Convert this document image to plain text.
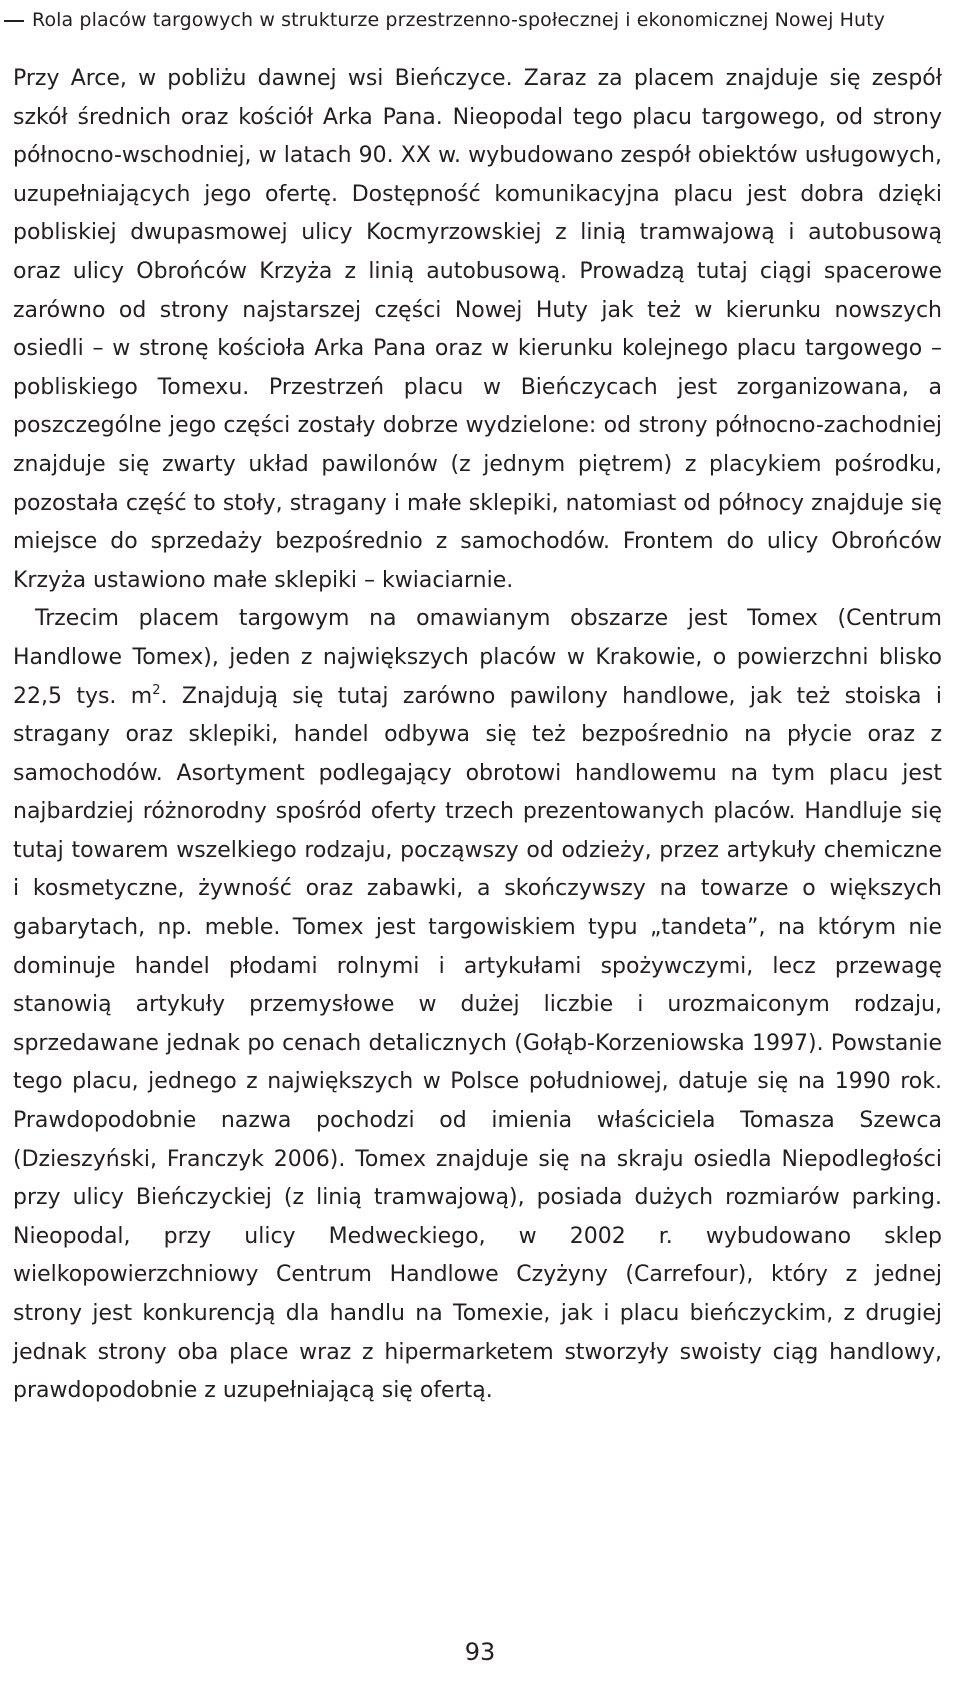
Rola placów targowych w strukturze przestrzenno-społecznej i ekonomicznej Nowej Huty

Przy Arce, w pobliżu dawnej wsi Bieńczyce. Zaraz za placem znajduje się zespół szkół średnich oraz kościół Arka Pana. Nieopodal tego placu targowego, od strony północno-wschodniej, w latach 90. XX w. wybudowano zespół obiektów usługowych, uzupełniających jego ofertę. Dostępność komunikacyjna placu jest dobra dzięki pobliskiej dwupasmowej ulicy Kocmyrzowskiej z linią tramwajową i autobusową oraz ulicy Obrońców Krzyża z linią autobusową. Prowadzą tutaj ciągi spacerowe zarówno od strony najstarszej części Nowej Huty jak też w kierunku nowszych osiedli – w stronę kościoła Arka Pana oraz w kierunku kolejnego placu targowego – pobliskiego Tomexu. Przestrzeń placu w Bieńczycach jest zorganizowana, a poszczególne jego części zostały dobrze wydzielone: od strony północno-zachodniej znajduje się zwarty układ pawilonów (z jednym piętrem) z placykiem pośrodku, pozostała część to stoły, stragany i małe sklepiki, natomiast od północy znajduje się miejsce do sprzedaży bezpośrednio z samochodów. Frontem do ulicy Obrońców Krzyża ustawiono małe sklepiki – kwiaciarnie.

Trzecim placem targowym na omawianym obszarze jest Tomex (Centrum Handlowe Tomex), jeden z największych placów w Krakowie, o powierzchni blisko 22,5 tys. $m^2$. Znajdują się tutaj zarówno pawilony handlowe, jak też stoiska i stragany oraz sklepiki, handel odbywa się też bezpośrednio na płycie oraz z samochodów. Asortyment podlegający obrotowi handlowemu na tym placu jest najbardziej różnorodny spośród oferty trzech prezentowanych placów. Handluje się tutaj towarem wszelkiego rodzaju, począwszy od odzieży, przez artykuły chemiczne i kosmetyczne, żywność oraz zabawki, a skończywszy na towarze o większych gabarytach, np. meble. Tomex jest targowiskiem typu „tandeta”, na którym nie dominuje handel płodami rolnymi i artykułami spożywczymi, lecz przewagę stanowią artykuły przemysłowe w dużej liczbie i urozmaiconym rodzaju, sprzedawane jednak po cenach detalicznych (Gołąb-Korzeniowska 1997). Powstanie tego placu, jednego z największych w Polsce południowej, datuje się na 1990 rok. Prawdopodobnie nazwa pochodzi od imienia właściciela Tomasza Szewca (Dzieszyński, Franczyk 2006). Tomex znajduje się na skraju osiedla Niepodległości przy ulicy Bieńczyckiej (z linią tramwajową), posiada dużych rozmiarów parking. Nieopodal, przy ulicy Medweckiego, w 2002 r. wybudowano sklep wielkopowierzchniowy Centrum Handlowe Czyżyny (Carrefour), który z jednej strony jest konkurencją dla handlu na Tomexie, jak i placu bieńczyckim, z drugiej jednak strony oba place wraz z hipermarketem stworzyły swoisty ciąg handlowy, prawdopodobnie z uzupełniającą się ofertą.

93
